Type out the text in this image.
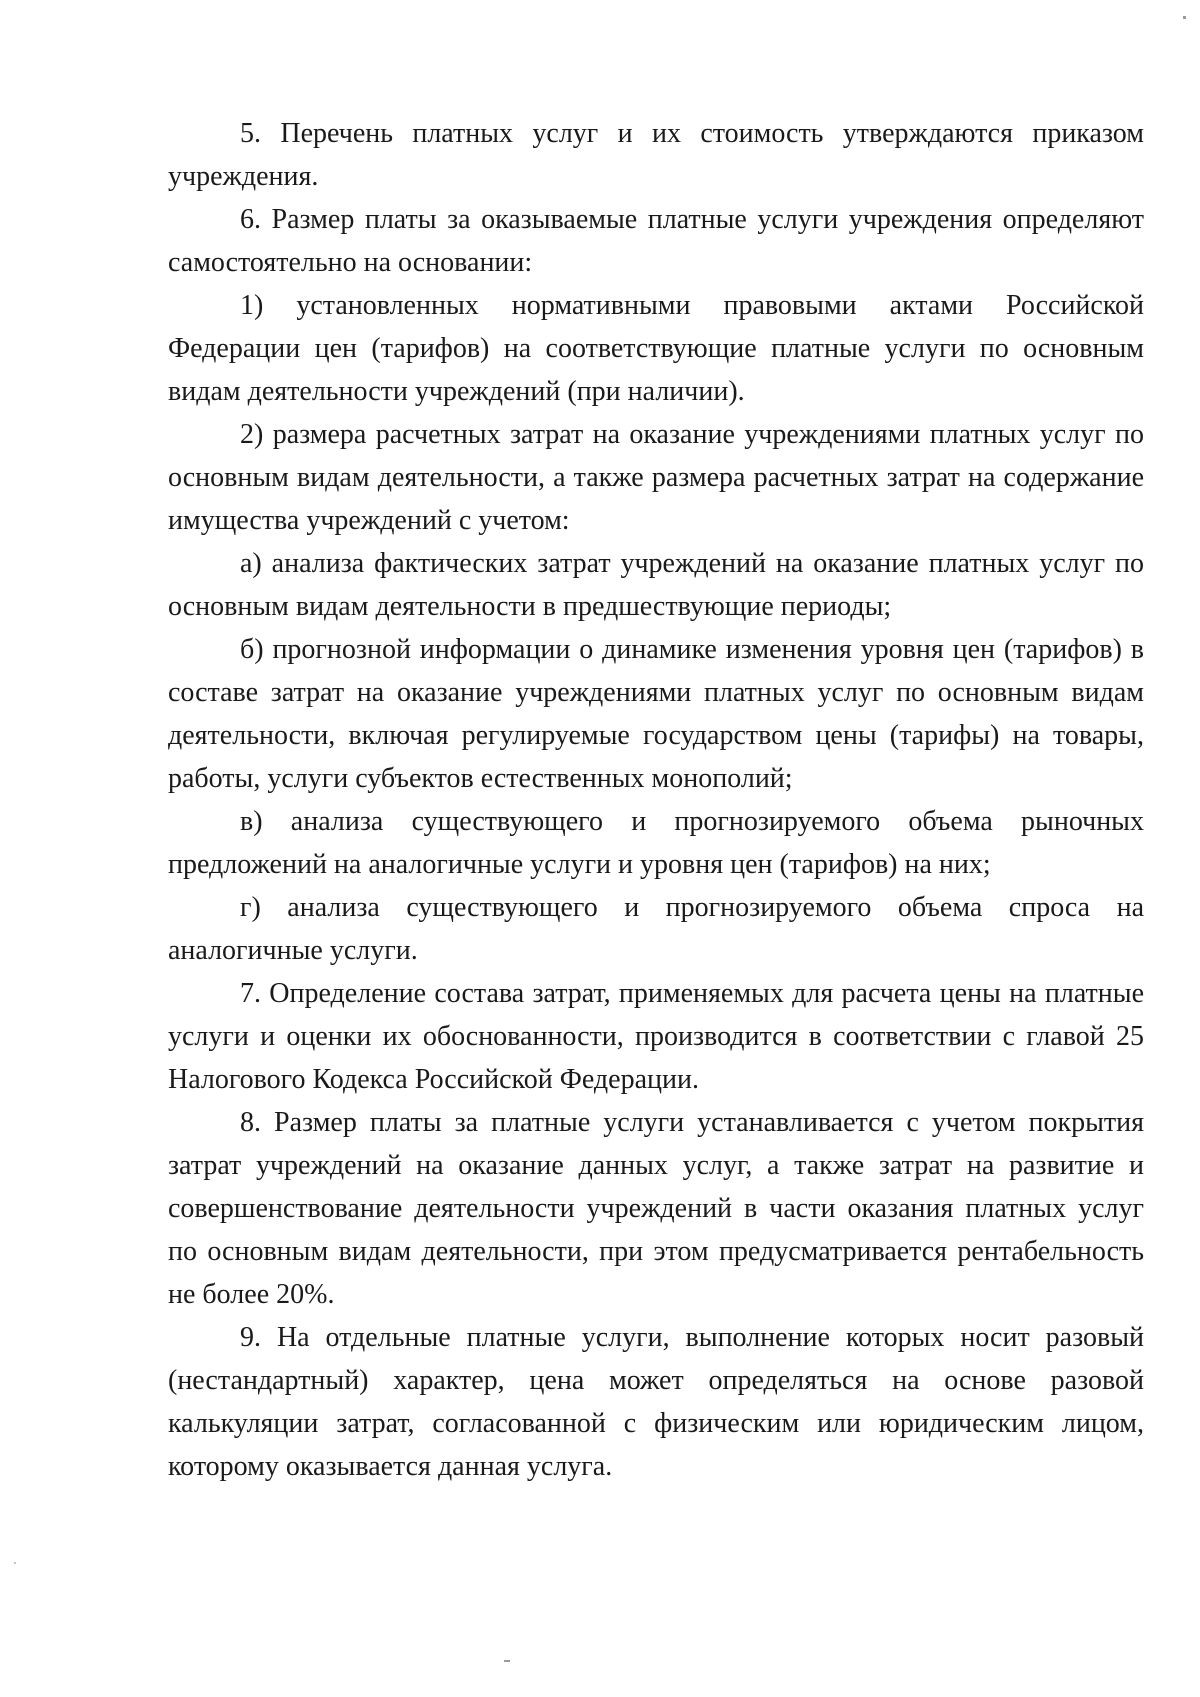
5. Перечень платных услуг и их стоимость утверждаются приказом учреждения.

6. Размер платы за оказываемые платные услуги учреждения определяют самостоятельно на основании:

1) установленных нормативными правовыми актами Российской Федерации цен (тарифов) на соответствующие платные услуги по основным видам деятельности учреждений (при наличии).

2) размера расчетных затрат на оказание учреждениями платных услуг по основным видам деятельности, а также размера расчетных затрат на содержание имущества учреждений с учетом:

а) анализа фактических затрат учреждений на оказание платных услуг по основным видам деятельности в предшествующие периоды;

б) прогнозной информации о динамике изменения уровня цен (тарифов) в составе затрат на оказание учреждениями платных услуг по основным видам деятельности, включая регулируемые государством цены (тарифы) на товары, работы, услуги субъектов естественных монополий;

в) анализа существующего и прогнозируемого объема рыночных предложений на аналогичные услуги и уровня цен (тарифов) на них;

г) анализа существующего и прогнозируемого объема спроса на аналогичные услуги.

7. Определение состава затрат, применяемых для расчета цены на платные услуги и оценки их обоснованности, производится в соответствии с главой 25 Налогового Кодекса Российской Федерации.

8. Размер платы за платные услуги устанавливается с учетом покрытия затрат учреждений на оказание данных услуг, а также затрат на развитие и совершенствование деятельности учреждений в части оказания платных услуг по основным видам деятельности, при этом предусматривается рентабельность не более 20%.

9. На отдельные платные услуги, выполнение которых носит разовый (нестандартный) характер, цена может определяться на основе разовой калькуляции затрат, согласованной с физическим или юридическим лицом, которому оказывается данная услуга.
